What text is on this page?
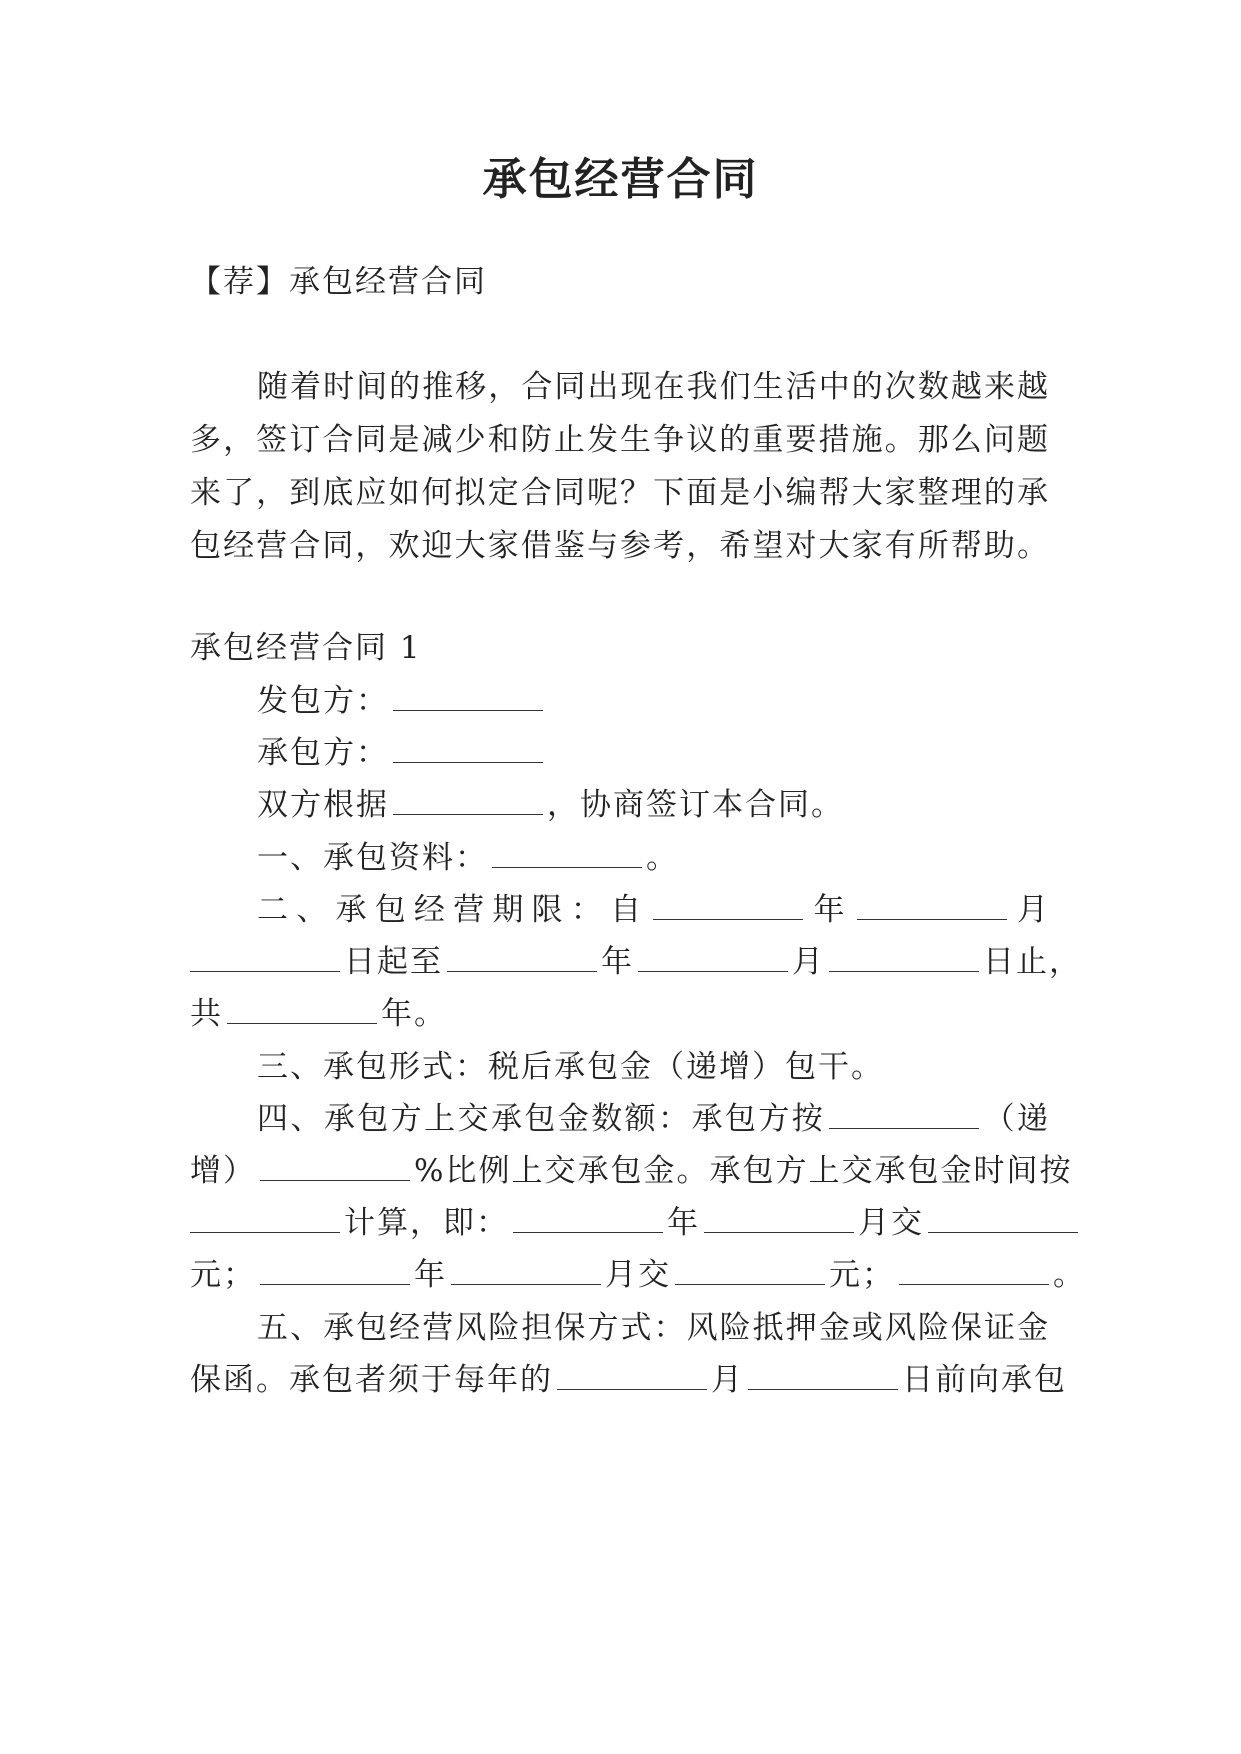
承包经营合同
【荐】承包经营合同
随着时间的推移，合同出现在我们生活中的次数越来越
多，签订合同是减少和防止发生争议的重要措施。那么问题
来了，到底应如何拟定合同呢？下面是小编帮大家整理的承
包经营合同，欢迎大家借鉴与参考，希望对大家有所帮助。
承包经营合同 1
发包方：
承包方：
双方根据	，协商签订本合同。
一、承包资料：	。
二、承包经营期限：自	年	月
日起至	年	月	日止，
共	年。
三、承包形式：税后承包金（递增）包干。
四、承包方上交承包金数额：承包方按	（递
增）	%比例上交承包金。承包方上交承包金时间按
计算，即：	年	月交
元；	年	月交	元；	。
五、承包经营风险担保方式：风险抵押金或风险保证金
保函。承包者须于每年的	月	日前向承包
